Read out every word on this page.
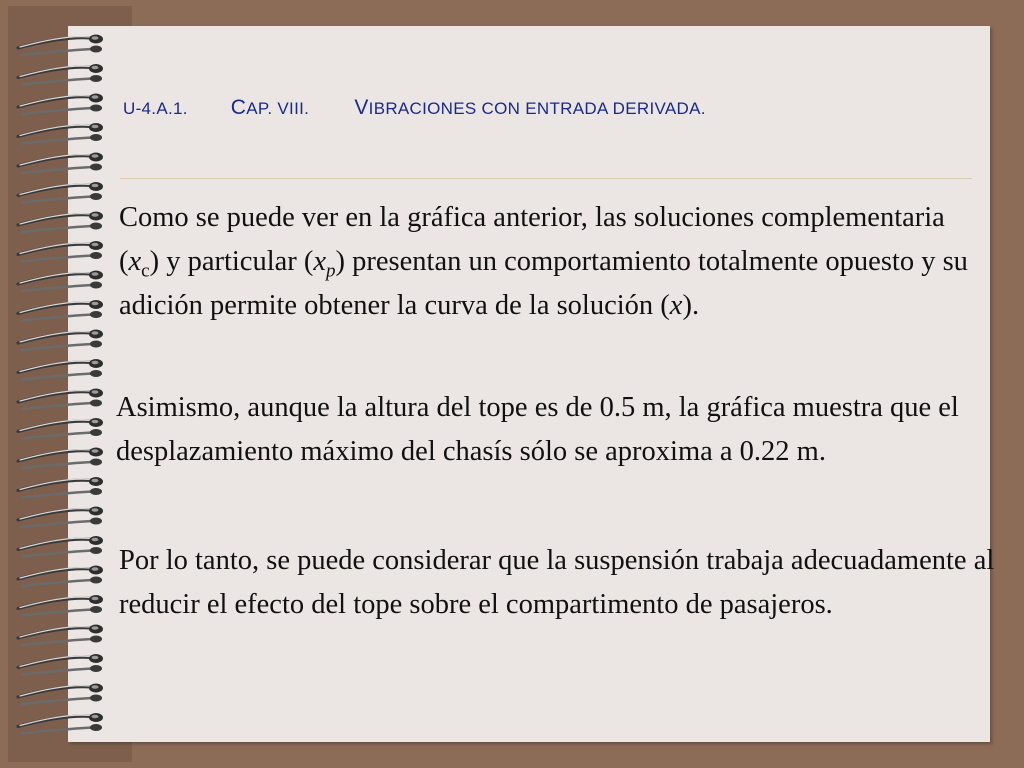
U-4.A.1. CAP. VIII. VIBRACIONES CON ENTRADA DERIVADA.
Como se puede ver en la gráfica anterior, las soluciones complementaria $(x_c)$ y particular $(x_p)$ presentan un comportamiento totalmente opuesto y su adición permite obtener la curva de la solución (x).
Asimismo, aunque la altura del tope es de 0.5 m, la gráfica muestra que el desplazamiento máximo del chasís sólo se aproxima a 0.22 m.
Por lo tanto, se puede considerar que la suspensión trabaja adecuadamente al reducir el efecto del tope sobre el compartimento de pasajeros.
